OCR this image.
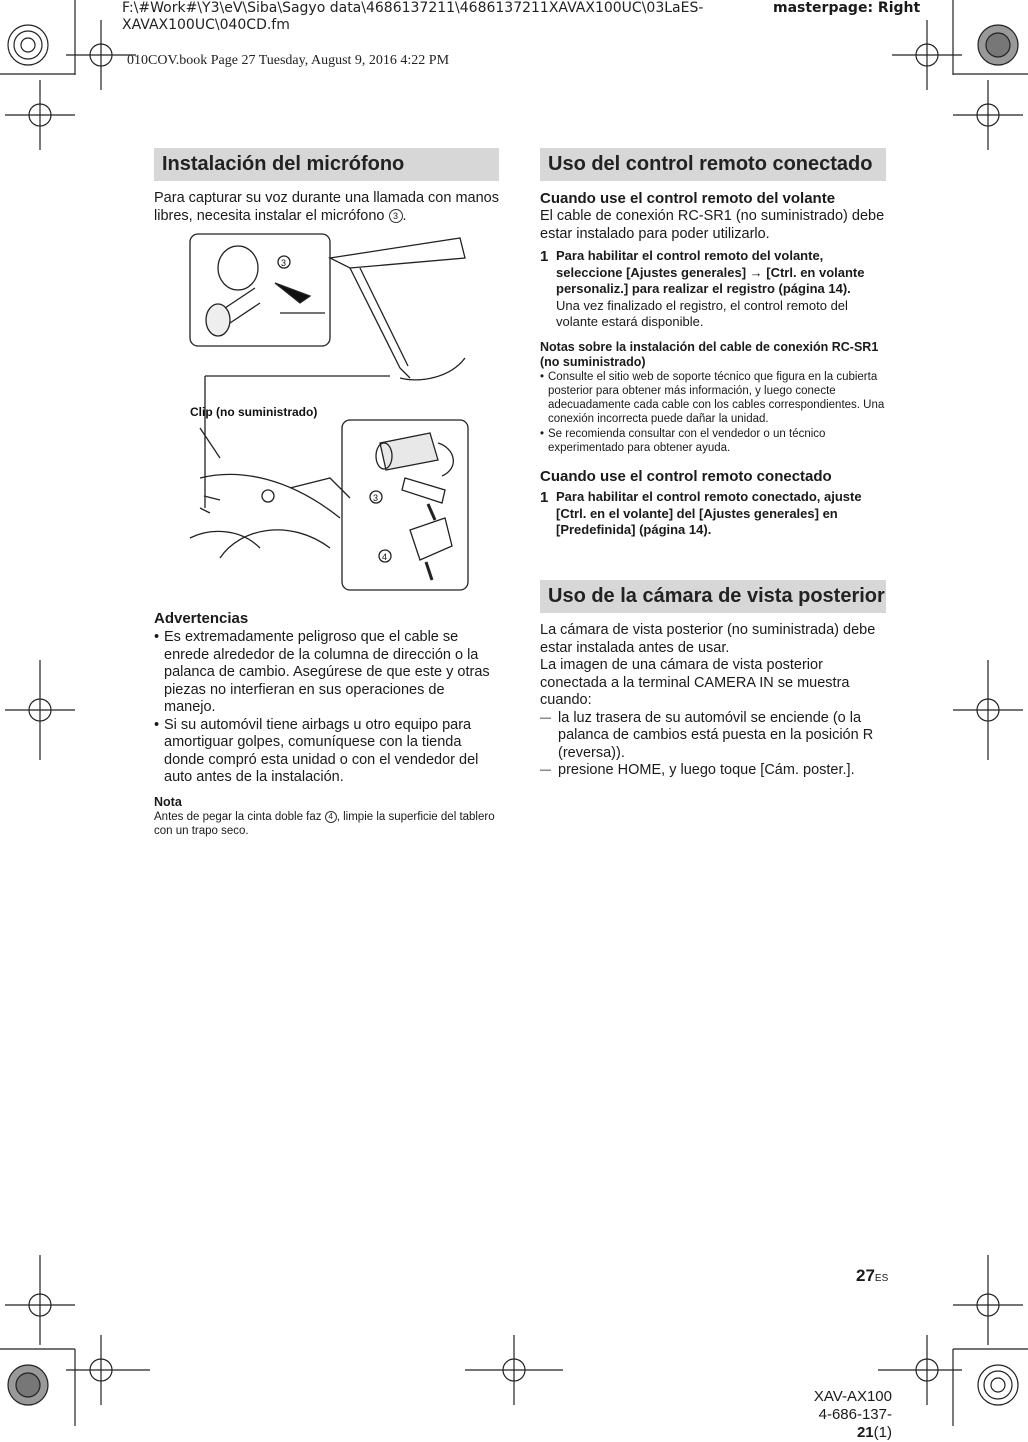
F:\#Work#\Y3\eV\Siba\Sagyo data\4686137211\4686137211XAVAX100UC\03LaES-
XAVAX100UC\040CD.fm
masterpage: Right
010COV.book Page 27 Tuesday, August 9, 2016 4:22 PM
Instalación del micrófono

Para capturar su voz durante una llamada con manos libres, necesita instalar el micrófono 3 .

Clip (no suministrado)
3
3
4

Advertencias

• Es extremadamente peligroso que el cable se enrede alrededor de la columna de dirección o la palanca de cambio. Asegúrese de que este y otras piezas no interfieran en sus operaciones de manejo.
• Si su automóvil tiene airbags u otro equipo para amortiguar golpes, comuníquese con la tienda donde compró esta unidad o con el vendedor del auto antes de la instalación.

Nota

Antes de pegar la cinta doble faz 4 , limpie la superficie del tablero con un trapo seco.

Uso del control remoto conectado

Cuando use el control remoto del volante

El cable de conexión RC-SR1 (no suministrado) debe estar instalado para poder utilizarlo.

1 Para habilitar el control remoto del volante, seleccione [Ajustes generales] → [Ctrl. en volante personaliz.] para realizar el registro (página 14).

Una vez finalizado el registro, el control remoto del volante estará disponible.

Notas sobre la instalación del cable de conexión RC-SR1 (no suministrado)

• Consulte el sitio web de soporte técnico que figura en la cubierta posterior para obtener más información, y luego conecte adecuadamente cada cable con los cables correspondientes. Una conexión incorrecta puede dañar la unidad.
• Se recomienda consultar con el vendedor o un técnico experimentado para obtener ayuda.

Cuando use el control remoto conectado

1 Para habilitar el control remoto conectado, ajuste [Ctrl. en el volante] del [Ajustes generales] en [Predefinida] (página 14).

Uso de la cámara de vista posterior

La cámara de vista posterior (no suministrada) debe estar instalada antes de usar.

La imagen de una cámara de vista posterior conectada a la terminal CAMERA IN se muestra cuando:

— la luz trasera de su automóvil se enciende (o la palanca de cambios está puesta en la posición R (reversa)).
— presione HOME, y luego toque [Cám. poster.].
27ES
XAV-AX100
4-686-137-21(1)
